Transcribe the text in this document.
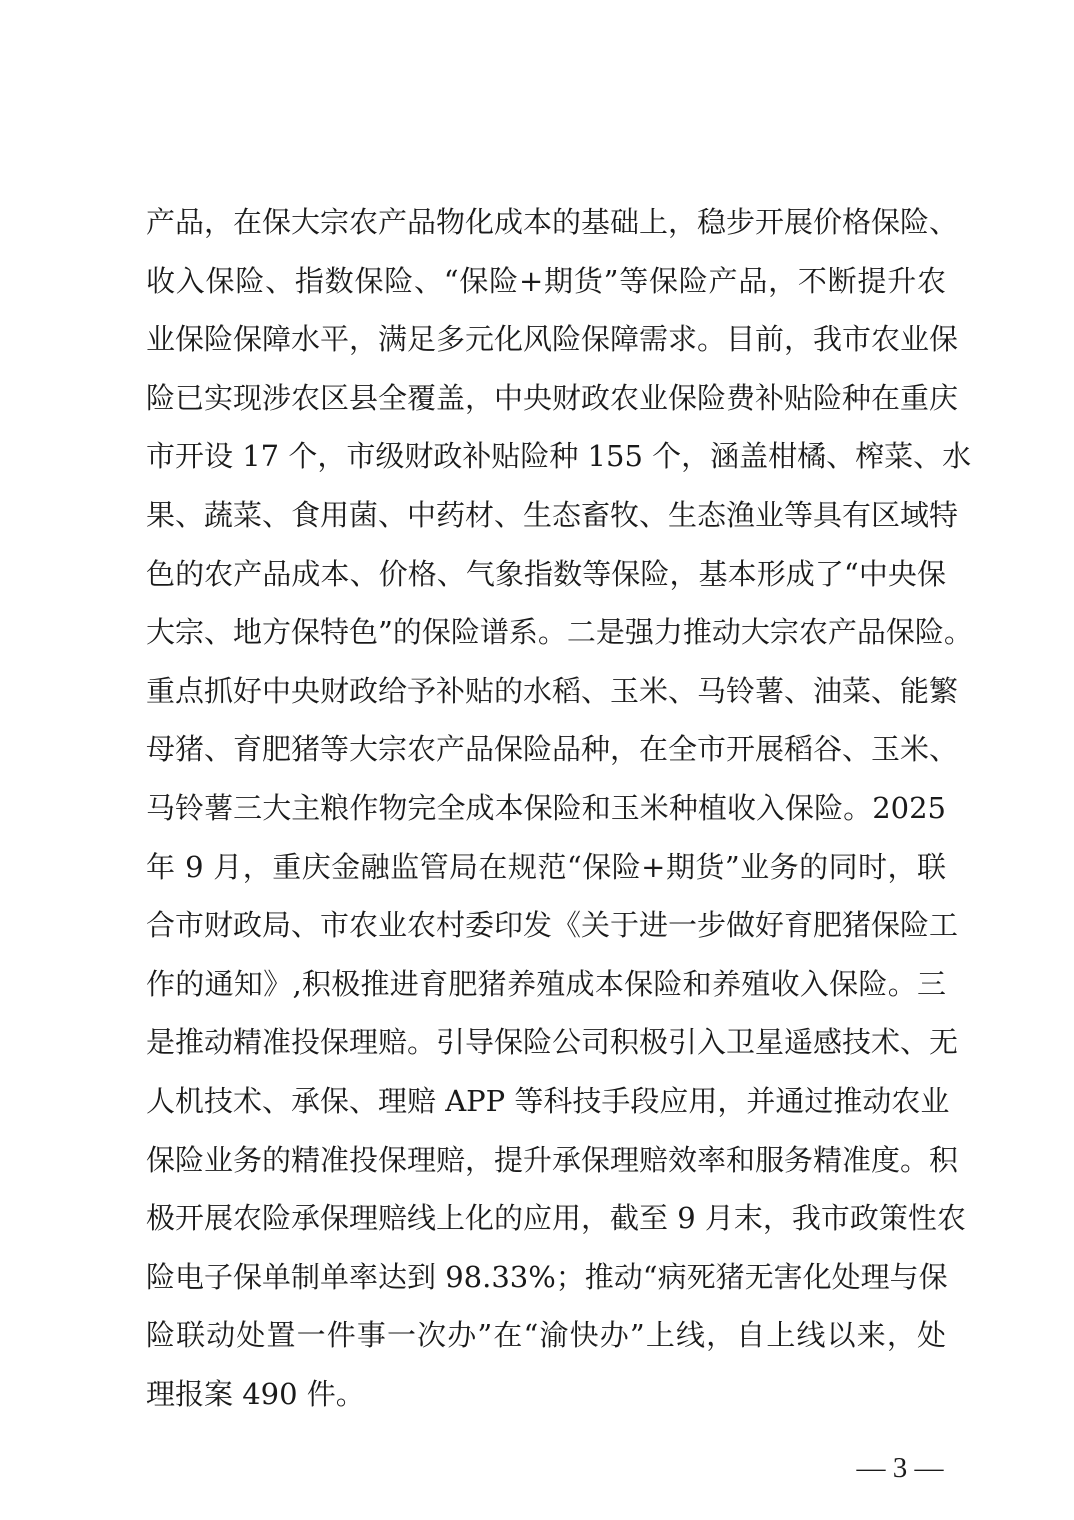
产品，在保大宗农产品物化成本的基础上，稳步开展价格保险、
收入保险、指数保险、“保险+期货”等保险产品，不断提升农
业保险保障水平，满足多元化风险保障需求。目前，我市农业保
险已实现涉农区县全覆盖，中央财政农业保险费补贴险种在重庆
市开设 17 个，市级财政补贴险种 155 个，涵盖柑橘、榨菜、水
果、蔬菜、食用菌、中药材、生态畜牧、生态渔业等具有区域特
色的农产品成本、价格、气象指数等保险，基本形成了“中央保
大宗、地方保特色”的保险谱系。二是强力推动大宗农产品保险。
重点抓好中央财政给予补贴的水稻、玉米、马铃薯、油菜、能繁
母猪、育肥猪等大宗农产品保险品种，在全市开展稻谷、玉米、
马铃薯三大主粮作物完全成本保险和玉米种植收入保险。2025
年 9 月，重庆金融监管局在规范“保险+期货”业务的同时，联
合市财政局、市农业农村委印发《关于进一步做好育肥猪保险工
作的通知》,积极推进育肥猪养殖成本保险和养殖收入保险。三
是推动精准投保理赔。引导保险公司积极引入卫星遥感技术、无
人机技术、承保、理赔 APP 等科技手段应用，并通过推动农业
保险业务的精准投保理赔，提升承保理赔效率和服务精准度。积
极开展农险承保理赔线上化的应用，截至 9 月末，我市政策性农
险电子保单制单率达到 98.33%；推动“病死猪无害化处理与保
险联动处置一件事一次办”在“渝快办”上线，自上线以来，处
理报案 490 件。
— 3 —
